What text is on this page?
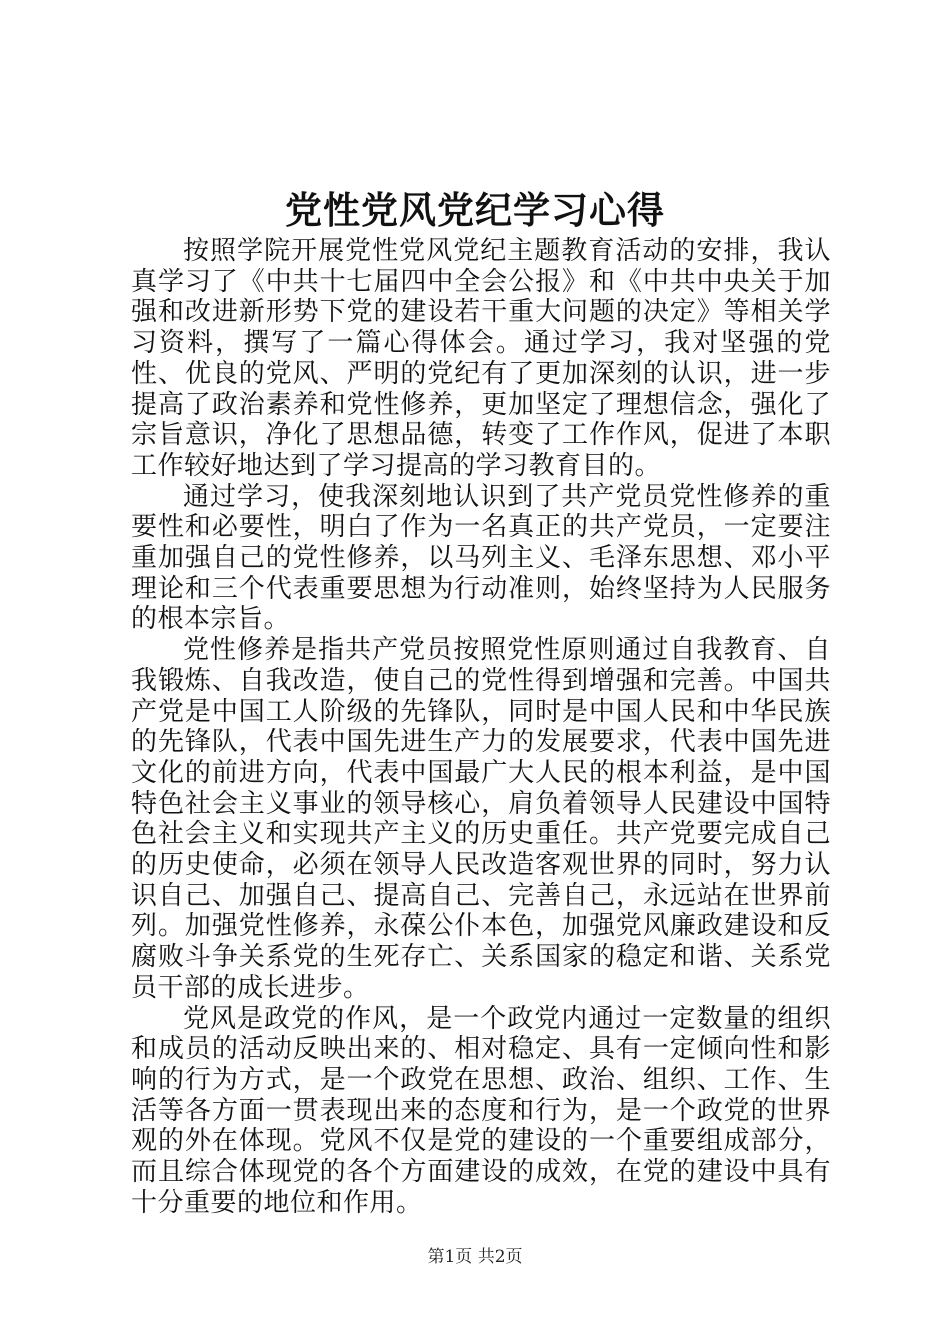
党性党风党纪学习心得

按照学院开展党性党风党纪主题教育活动的安排，我认真学习了《中共十七届四中全会公报》和《中共中央关于加强和改进新形势下党的建设若干重大问题的决定》等相关学习资料，撰写了一篇心得体会。通过学习，我对坚强的党性、优良的党风、严明的党纪有了更加深刻的认识，进一步提高了政治素养和党性修养，更加坚定了理想信念，强化了宗旨意识，净化了思想品德，转变了工作作风，促进了本职工作较好地达到了学习提高的学习教育目的。

通过学习，使我深刻地认识到了共产党员党性修养的重要性和必要性，明白了作为一名真正的共产党员，一定要注重加强自己的党性修养，以马列主义、毛泽东思想、邓小平理论和三个代表重要思想为行动准则，始终坚持为人民服务的根本宗旨。

党性修养是指共产党员按照党性原则通过自我教育、自我锻炼、自我改造，使自己的党性得到增强和完善。中国共产党是中国工人阶级的先锋队，同时是中国人民和中华民族的先锋队，代表中国先进生产力的发展要求，代表中国先进文化的前进方向，代表中国最广大人民的根本利益，是中国特色社会主义事业的领导核心，肩负着领导人民建设中国特色社会主义和实现共产主义的历史重任。共产党要完成自己的历史使命，必须在领导人民改造客观世界的同时，努力认识自己、加强自己、提高自己、完善自己，永远站在世界前列。加强党性修养，永葆公仆本色，加强党风廉政建设和反腐败斗争关系党的生死存亡、关系国家的稳定和谐、关系党员干部的成长进步。

党风是政党的作风，是一个政党内通过一定数量的组织和成员的活动反映出来的、相对稳定、具有一定倾向性和影响的行为方式，是一个政党在思想、政治、组织、工作、生活等各方面一贯表现出来的态度和行为，是一个政党的世界观的外在体现。党风不仅是党的建设的一个重要组成部分，而且综合体现党的各个方面建设的成效，在党的建设中具有十分重要的地位和作用。

第1页 共2页
